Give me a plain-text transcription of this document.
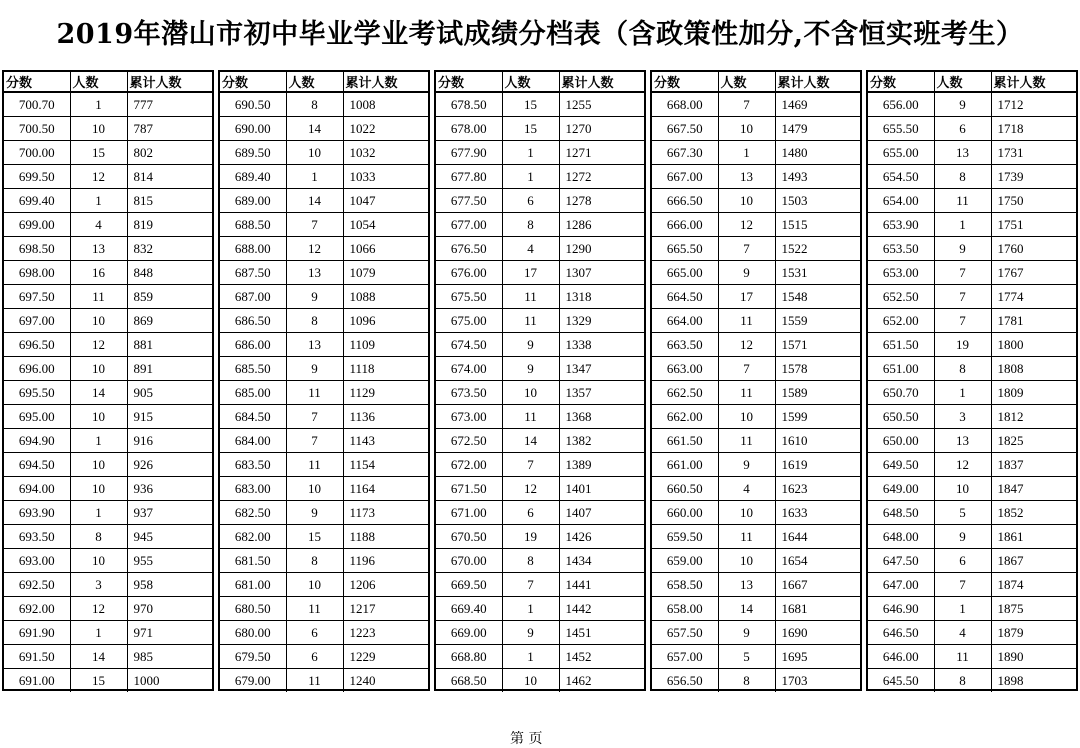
2019年潜山市初中毕业学业考试成绩分档表（含政策性加分,不含恒实班考生）
分数	人数	累计人数
700.70	1	777
700.50	10	787
700.00	15	802
699.50	12	814
699.40	1	815
699.00	4	819
698.50	13	832
698.00	16	848
697.50	11	859
697.00	10	869
696.50	12	881
696.00	10	891
695.50	14	905
695.00	10	915
694.90	1	916
694.50	10	926
694.00	10	936
693.90	1	937
693.50	8	945
693.00	10	955
692.50	3	958
692.00	12	970
691.90	1	971
691.50	14	985
691.00	15	1000
分数	人数	累计人数
690.50	8	1008
690.00	14	1022
689.50	10	1032
689.40	1	1033
689.00	14	1047
688.50	7	1054
688.00	12	1066
687.50	13	1079
687.00	9	1088
686.50	8	1096
686.00	13	1109
685.50	9	1118
685.00	11	1129
684.50	7	1136
684.00	7	1143
683.50	11	1154
683.00	10	1164
682.50	9	1173
682.00	15	1188
681.50	8	1196
681.00	10	1206
680.50	11	1217
680.00	6	1223
679.50	6	1229
679.00	11	1240
分数	人数	累计人数
678.50	15	1255
678.00	15	1270
677.90	1	1271
677.80	1	1272
677.50	6	1278
677.00	8	1286
676.50	4	1290
676.00	17	1307
675.50	11	1318
675.00	11	1329
674.50	9	1338
674.00	9	1347
673.50	10	1357
673.00	11	1368
672.50	14	1382
672.00	7	1389
671.50	12	1401
671.00	6	1407
670.50	19	1426
670.00	8	1434
669.50	7	1441
669.40	1	1442
669.00	9	1451
668.80	1	1452
668.50	10	1462
分数	人数	累计人数
668.00	7	1469
667.50	10	1479
667.30	1	1480
667.00	13	1493
666.50	10	1503
666.00	12	1515
665.50	7	1522
665.00	9	1531
664.50	17	1548
664.00	11	1559
663.50	12	1571
663.00	7	1578
662.50	11	1589
662.00	10	1599
661.50	11	1610
661.00	9	1619
660.50	4	1623
660.00	10	1633
659.50	11	1644
659.00	10	1654
658.50	13	1667
658.00	14	1681
657.50	9	1690
657.00	5	1695
656.50	8	1703
分数	人数	累计人数
656.00	9	1712
655.50	6	1718
655.00	13	1731
654.50	8	1739
654.00	11	1750
653.90	1	1751
653.50	9	1760
653.00	7	1767
652.50	7	1774
652.00	7	1781
651.50	19	1800
651.00	8	1808
650.70	1	1809
650.50	3	1812
650.00	13	1825
649.50	12	1837
649.00	10	1847
648.50	5	1852
648.00	9	1861
647.50	6	1867
647.00	7	1874
646.90	1	1875
646.50	4	1879
646.00	11	1890
645.50	8	1898
第 页
